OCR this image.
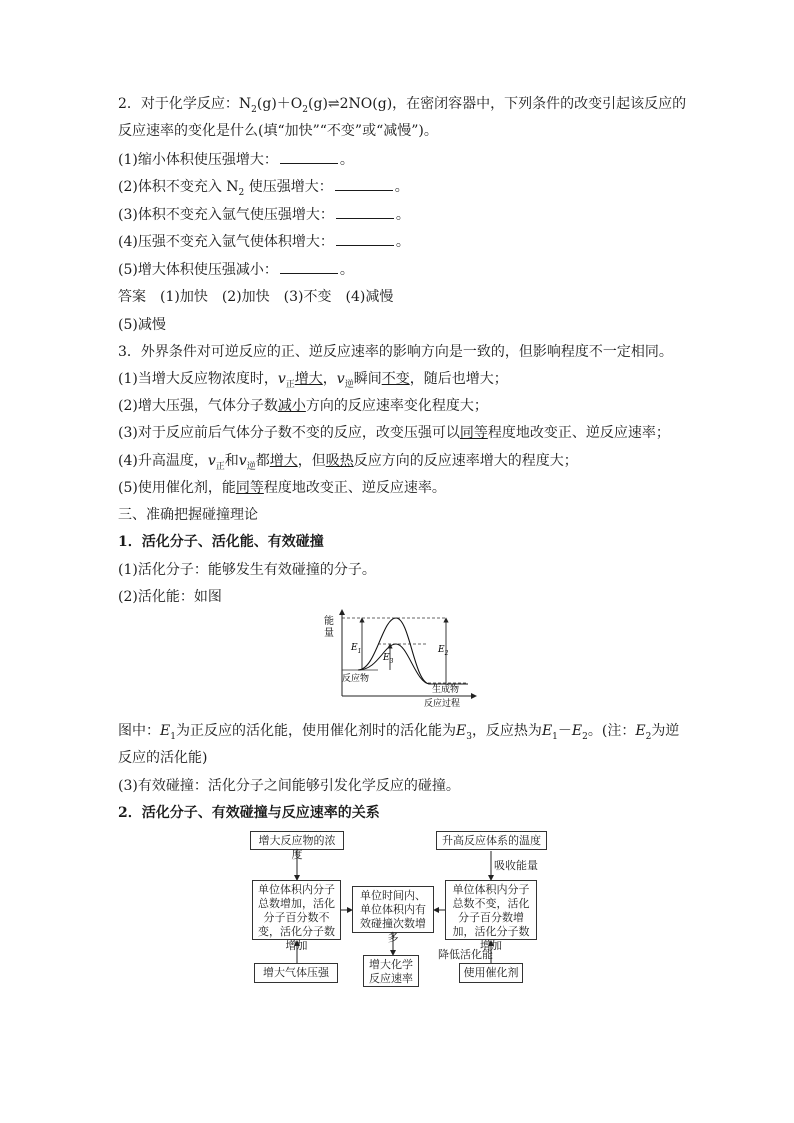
2．对于化学反应：$N_2(g)+O_2(g)\rightleftharpoons 2NO(g)$，在密闭容器中，下列条件的改变引起该反应的
反应速率的变化是什么(填“加快”“不变”或“减慢”)。
(1)缩小体积使压强增大：	。
(2)体积不变充入 $N_2$ 使压强增大：	。
(3)体积不变充入氩气使压强增大：	。
(4)压强不变充入氩气使体积增大：	。
(5)增大体积使压强减小：	。
答案　(1)加快　(2)加快　(3)不变　(4)减慢
(5)减慢
3．外界条件对可逆反应的正、逆反应速率的影响方向是一致的，但影响程度不一定相同。
(1)当增大反应物浓度时，$v_正$增大，$v_逆$瞬间不变，随后也增大；
(2)增大压强，气体分子数减小方向的反应速率变化程度大；
(3)对于反应前后气体分子数不变的反应，改变压强可以同等程度地改变正、逆反应速率；
(4)升高温度，$v_正$和$v_逆$都增大，但吸热反应方向的反应速率增大的程度大；
(5)使用催化剂，能同等程度地改变正、逆反应速率。
三、准确把握碰撞理论
1．活化分子、活化能、有效碰撞
(1)活化分子：能够发生有效碰撞的分子。
(2)活化能：如图
能
量
$E_1$
$E_3$
$E_2$
反应物
生成物
反应过程
图中：$E_1$为正反应的活化能，使用催化剂时的活化能为$E_3$，反应热为$E_1-E_2$。(注：$E_2$为逆
反应的活化能)
(3)有效碰撞：活化分子之间能够引发化学反应的碰撞。
2．活化分子、有效碰撞与反应速率的关系
增大反应物的浓度
升高反应体系的温度
吸收能量
单位体积内分子总数增加，活化分子百分数不变，活化分子数增加
单位时间内、单位体积内有效碰撞次数增多
单位体积内分子总数不变，活化分子百分数增加，活化分子数增加
降低活化能
增大气体压强
增大化学反应速率	使用催化剂
